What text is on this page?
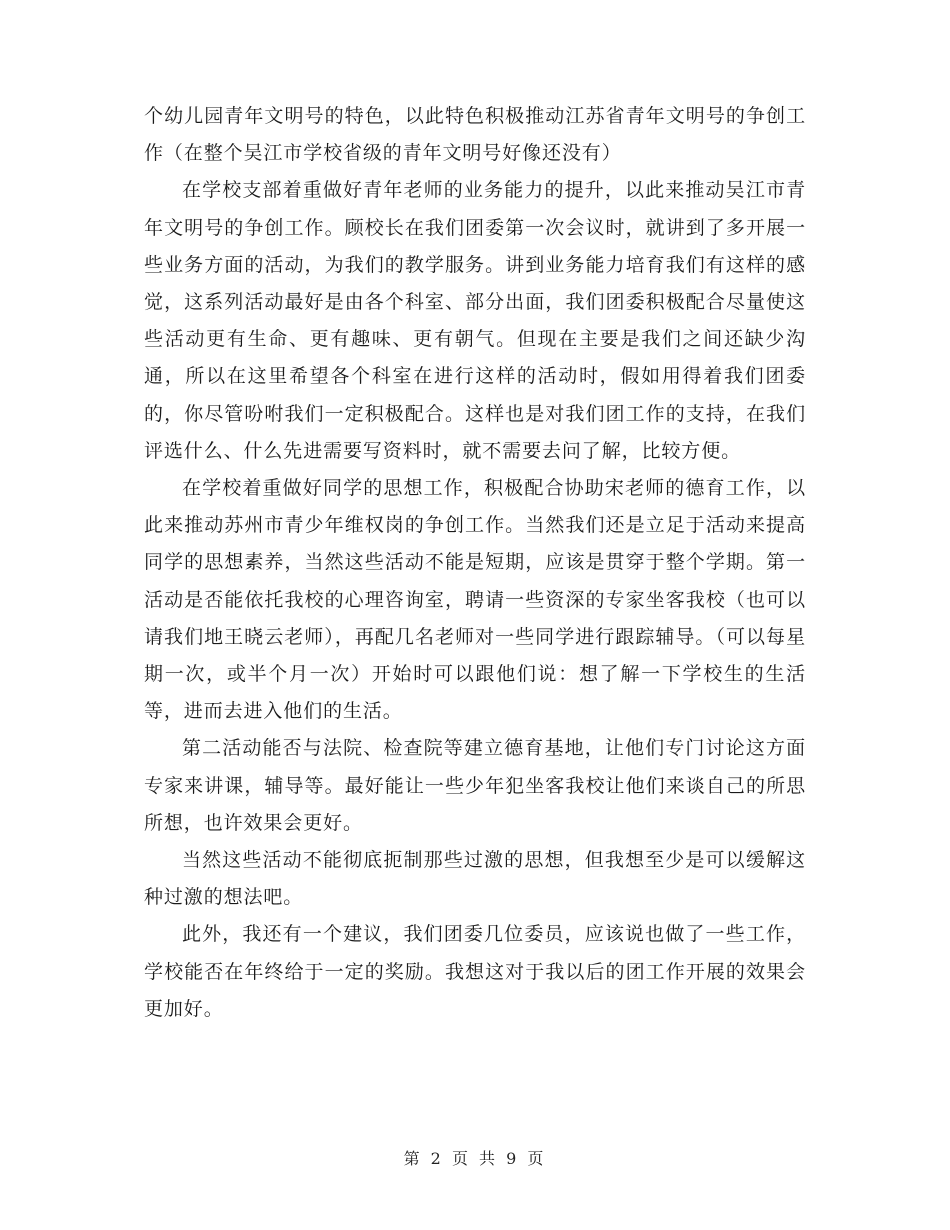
个幼儿园青年文明号的特色，以此特色积极推动江苏省青年文明号的争创工作（在整个吴江市学校省级的青年文明号好像还没有）

在学校支部着重做好青年老师的业务能力的提升，以此来推动吴江市青年文明号的争创工作。顾校长在我们团委第一次会议时，就讲到了多开展一些业务方面的活动，为我们的教学服务。讲到业务能力培育我们有这样的感觉，这系列活动最好是由各个科室、部分出面，我们团委积极配合尽量使这些活动更有生命、更有趣味、更有朝气。但现在主要是我们之间还缺少沟通，所以在这里希望各个科室在进行这样的活动时，假如用得着我们团委的，你尽管吩咐我们一定积极配合。这样也是对我们团工作的支持，在我们评选什么、什么先进需要写资料时，就不需要去问了解，比较方便。

在学校着重做好同学的思想工作，积极配合协助宋老师的德育工作，以此来推动苏州市青少年维权岗的争创工作。当然我们还是立足于活动来提高同学的思想素养，当然这些活动不能是短期，应该是贯穿于整个学期。第一活动是否能依托我校的心理咨询室，聘请一些资深的专家坐客我校（也可以请我们地王晓云老师），再配几名老师对一些同学进行跟踪辅导。（可以每星期一次，或半个月一次）开始时可以跟他们说：想了解一下学校生的生活等，进而去进入他们的生活。

第二活动能否与法院、检查院等建立德育基地，让他们专门讨论这方面专家来讲课，辅导等。最好能让一些少年犯坐客我校让他们来谈自己的所思所想，也许效果会更好。

当然这些活动不能彻底扼制那些过激的思想，但我想至少是可以缓解这种过激的想法吧。

此外，我还有一个建议，我们团委几位委员，应该说也做了一些工作，学校能否在年终给于一定的奖励。我想这对于我以后的团工作开展的效果会更加好。

第 2 页 共 9 页
